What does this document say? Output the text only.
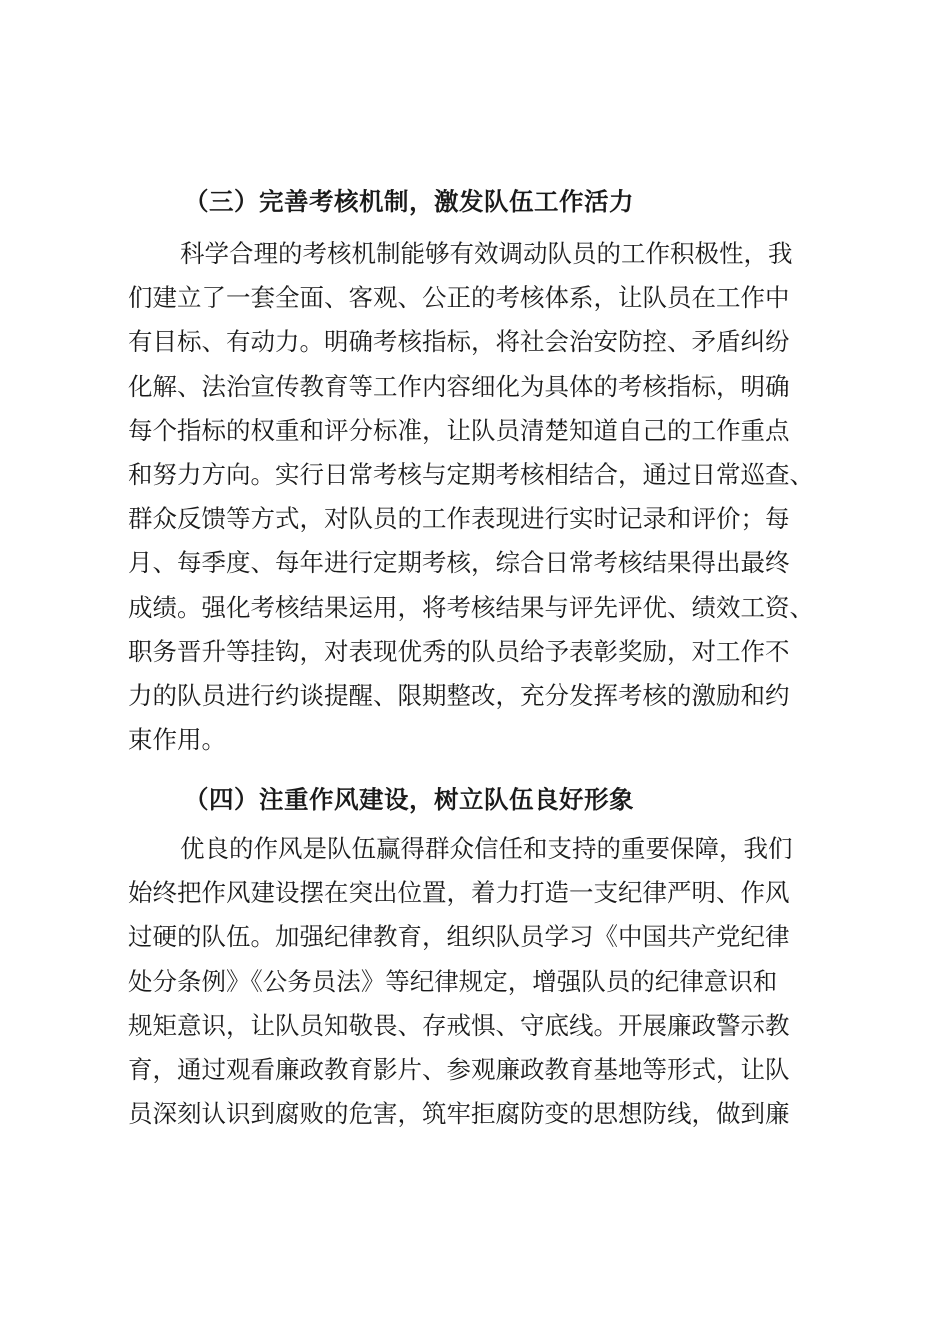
（三）完善考核机制，激发队伍工作活力
科学合理的考核机制能够有效调动队员的工作积极性，我
们建立了一套全面、客观、公正的考核体系，让队员在工作中
有目标、有动力。明确考核指标，将社会治安防控、矛盾纠纷
化解、法治宣传教育等工作内容细化为具体的考核指标，明确
每个指标的权重和评分标准，让队员清楚知道自己的工作重点
和努力方向。实行日常考核与定期考核相结合，通过日常巡查、
群众反馈等方式，对队员的工作表现进行实时记录和评价；每
月、每季度、每年进行定期考核，综合日常考核结果得出最终
成绩。强化考核结果运用，将考核结果与评先评优、绩效工资、
职务晋升等挂钩，对表现优秀的队员给予表彰奖励，对工作不
力的队员进行约谈提醒、限期整改，充分发挥考核的激励和约
束作用。
（四）注重作风建设，树立队伍良好形象
优良的作风是队伍赢得群众信任和支持的重要保障，我们
始终把作风建设摆在突出位置，着力打造一支纪律严明、作风
过硬的队伍。加强纪律教育，组织队员学习《中国共产党纪律
处分条例》《公务员法》等纪律规定，增强队员的纪律意识和
规矩意识，让队员知敬畏、存戒惧、守底线。开展廉政警示教
育，通过观看廉政教育影片、参观廉政教育基地等形式，让队
员深刻认识到腐败的危害，筑牢拒腐防变的思想防线，做到廉
